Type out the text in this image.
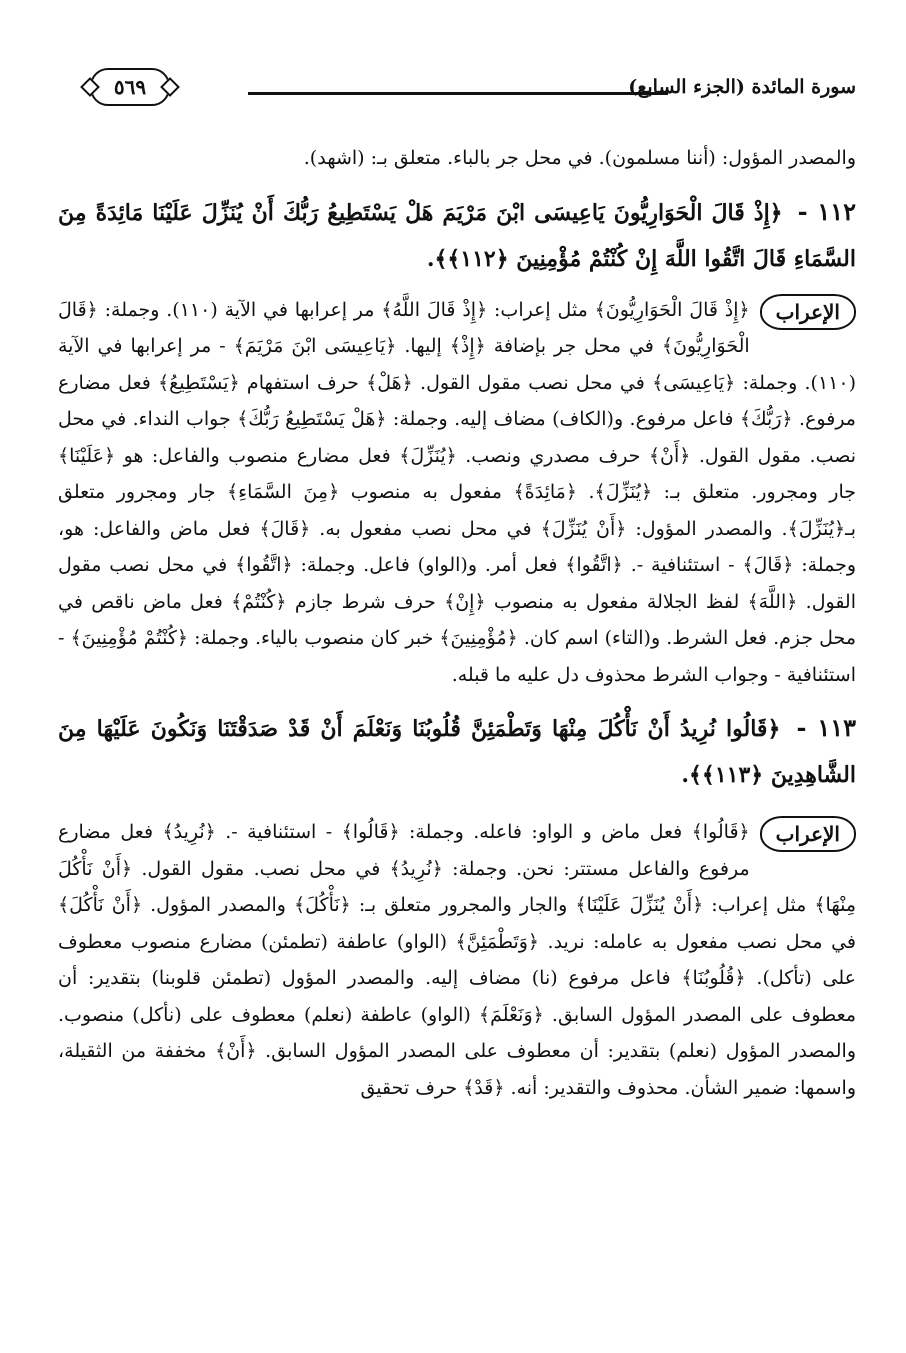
٥٦٩	سورة المائدة (الجزء السابع)

والمصدر المؤول: (أننا مسلمون). في محل جر بالباء. متعلق بـ: (اشهد).

١١٢ - ﴿إِذْ قَالَ الْحَوَارِيُّونَ يَاعِيسَى ابْنَ مَرْيَمَ هَلْ يَسْتَطِيعُ رَبُّكَ أَنْ يُنَزِّلَ عَلَيْنَا مَائِدَةً مِنَ السَّمَاءِ قَالَ اتَّقُوا اللَّهَ إِنْ كُنْتُمْ مُؤْمِنِينَ ﴿١١٢﴾﴾.
الإعراب

﴿إِذْ قَالَ الْحَوَارِيُّونَ﴾ مثل إعراب: ﴿إِذْ قَالَ اللَّهُ﴾ مر إعرابها في الآية (١١٠). وجملة: ﴿قَالَ الْحَوَارِيُّونَ﴾ في محل جر بإضافة ﴿إِذْ﴾ إليها. ﴿يَاعِيسَى ابْنَ مَرْيَمَ﴾ - مر إعرابها في الآية (١١٠). وجملة: ﴿يَاعِيسَى﴾ في محل نصب مقول القول. ﴿هَلْ﴾ حرف استفهام ﴿يَسْتَطِيعُ﴾ فعل مضارع مرفوع. ﴿رَبُّكَ﴾ فاعل مرفوع. و(الكاف) مضاف إليه. وجملة: ﴿هَلْ يَسْتَطِيعُ رَبُّكَ﴾ جواب النداء. في محل نصب. مقول القول. ﴿أَنْ﴾ حرف مصدري ونصب. ﴿يُنَزِّلَ﴾ فعل مضارع منصوب والفاعل: هو ﴿عَلَيْنَا﴾ جار ومجرور. متعلق بـ: ﴿يُنَزِّلَ﴾. ﴿مَائِدَةً﴾ مفعول به منصوب ﴿مِنَ السَّمَاءِ﴾ جار ومجرور متعلق بـ﴿يُنَزِّلَ﴾. والمصدر المؤول: ﴿أَنْ يُنَزِّلَ﴾ في محل نصب مفعول به. ﴿قَالَ﴾ فعل ماض والفاعل: هو، وجملة: ﴿قَالَ﴾ - استئنافية -. ﴿اتَّقُوا﴾ فعل أمر. و(الواو) فاعل. وجملة: ﴿اتَّقُوا﴾ في محل نصب مقول القول. ﴿اللَّهَ﴾ لفظ الجلالة مفعول به منصوب ﴿إِنْ﴾ حرف شرط جازم ﴿كُنْتُمْ﴾ فعل ماض ناقص في محل جزم. فعل الشرط. و(التاء) اسم كان. ﴿مُؤْمِنِينَ﴾ خبر كان منصوب بالياء. وجملة: ﴿كُنْتُمْ مُؤْمِنِينَ﴾ - استئنافية - وجواب الشرط محذوف دل عليه ما قبله.

١١٣ - ﴿قَالُوا نُرِيدُ أَنْ نَأْكُلَ مِنْهَا وَتَطْمَئِنَّ قُلُوبُنَا وَنَعْلَمَ أَنْ قَدْ صَدَقْتَنَا وَنَكُونَ عَلَيْهَا مِنَ الشَّاهِدِينَ ﴿١١٣﴾﴾.
الإعراب

﴿قَالُوا﴾ فعل ماض و الواو: فاعله. وجملة: ﴿قَالُوا﴾ - استئنافية -. ﴿نُرِيدُ﴾ فعل مضارع مرفوع والفاعل مستتر: نحن. وجملة: ﴿نُرِيدُ﴾ في محل نصب. مقول القول. ﴿أَنْ نَأْكُلَ مِنْهَا﴾ مثل إعراب: ﴿أَنْ يُنَزِّلَ عَلَيْنَا﴾ والجار والمجرور متعلق بـ: ﴿نَأْكُلَ﴾ والمصدر المؤول. ﴿أَنْ نَأْكُلَ﴾ في محل نصب مفعول به عامله: نريد. ﴿وَتَطْمَئِنَّ﴾ (الواو) عاطفة (تطمئن) مضارع منصوب معطوف على (تأكل). ﴿قُلُوبُنَا﴾ فاعل مرفوع (نا) مضاف إليه. والمصدر المؤول (تطمئن قلوبنا) بتقدير: أن معطوف على المصدر المؤول السابق. ﴿وَنَعْلَمَ﴾ (الواو) عاطفة (نعلم) معطوف على (نأكل) منصوب. والمصدر المؤول (نعلم) بتقدير: أن معطوف على المصدر المؤول السابق. ﴿أَنْ﴾ مخففة من الثقيلة، واسمها: ضمير الشأن. محذوف والتقدير: أنه. ﴿قَدْ﴾ حرف تحقيق
